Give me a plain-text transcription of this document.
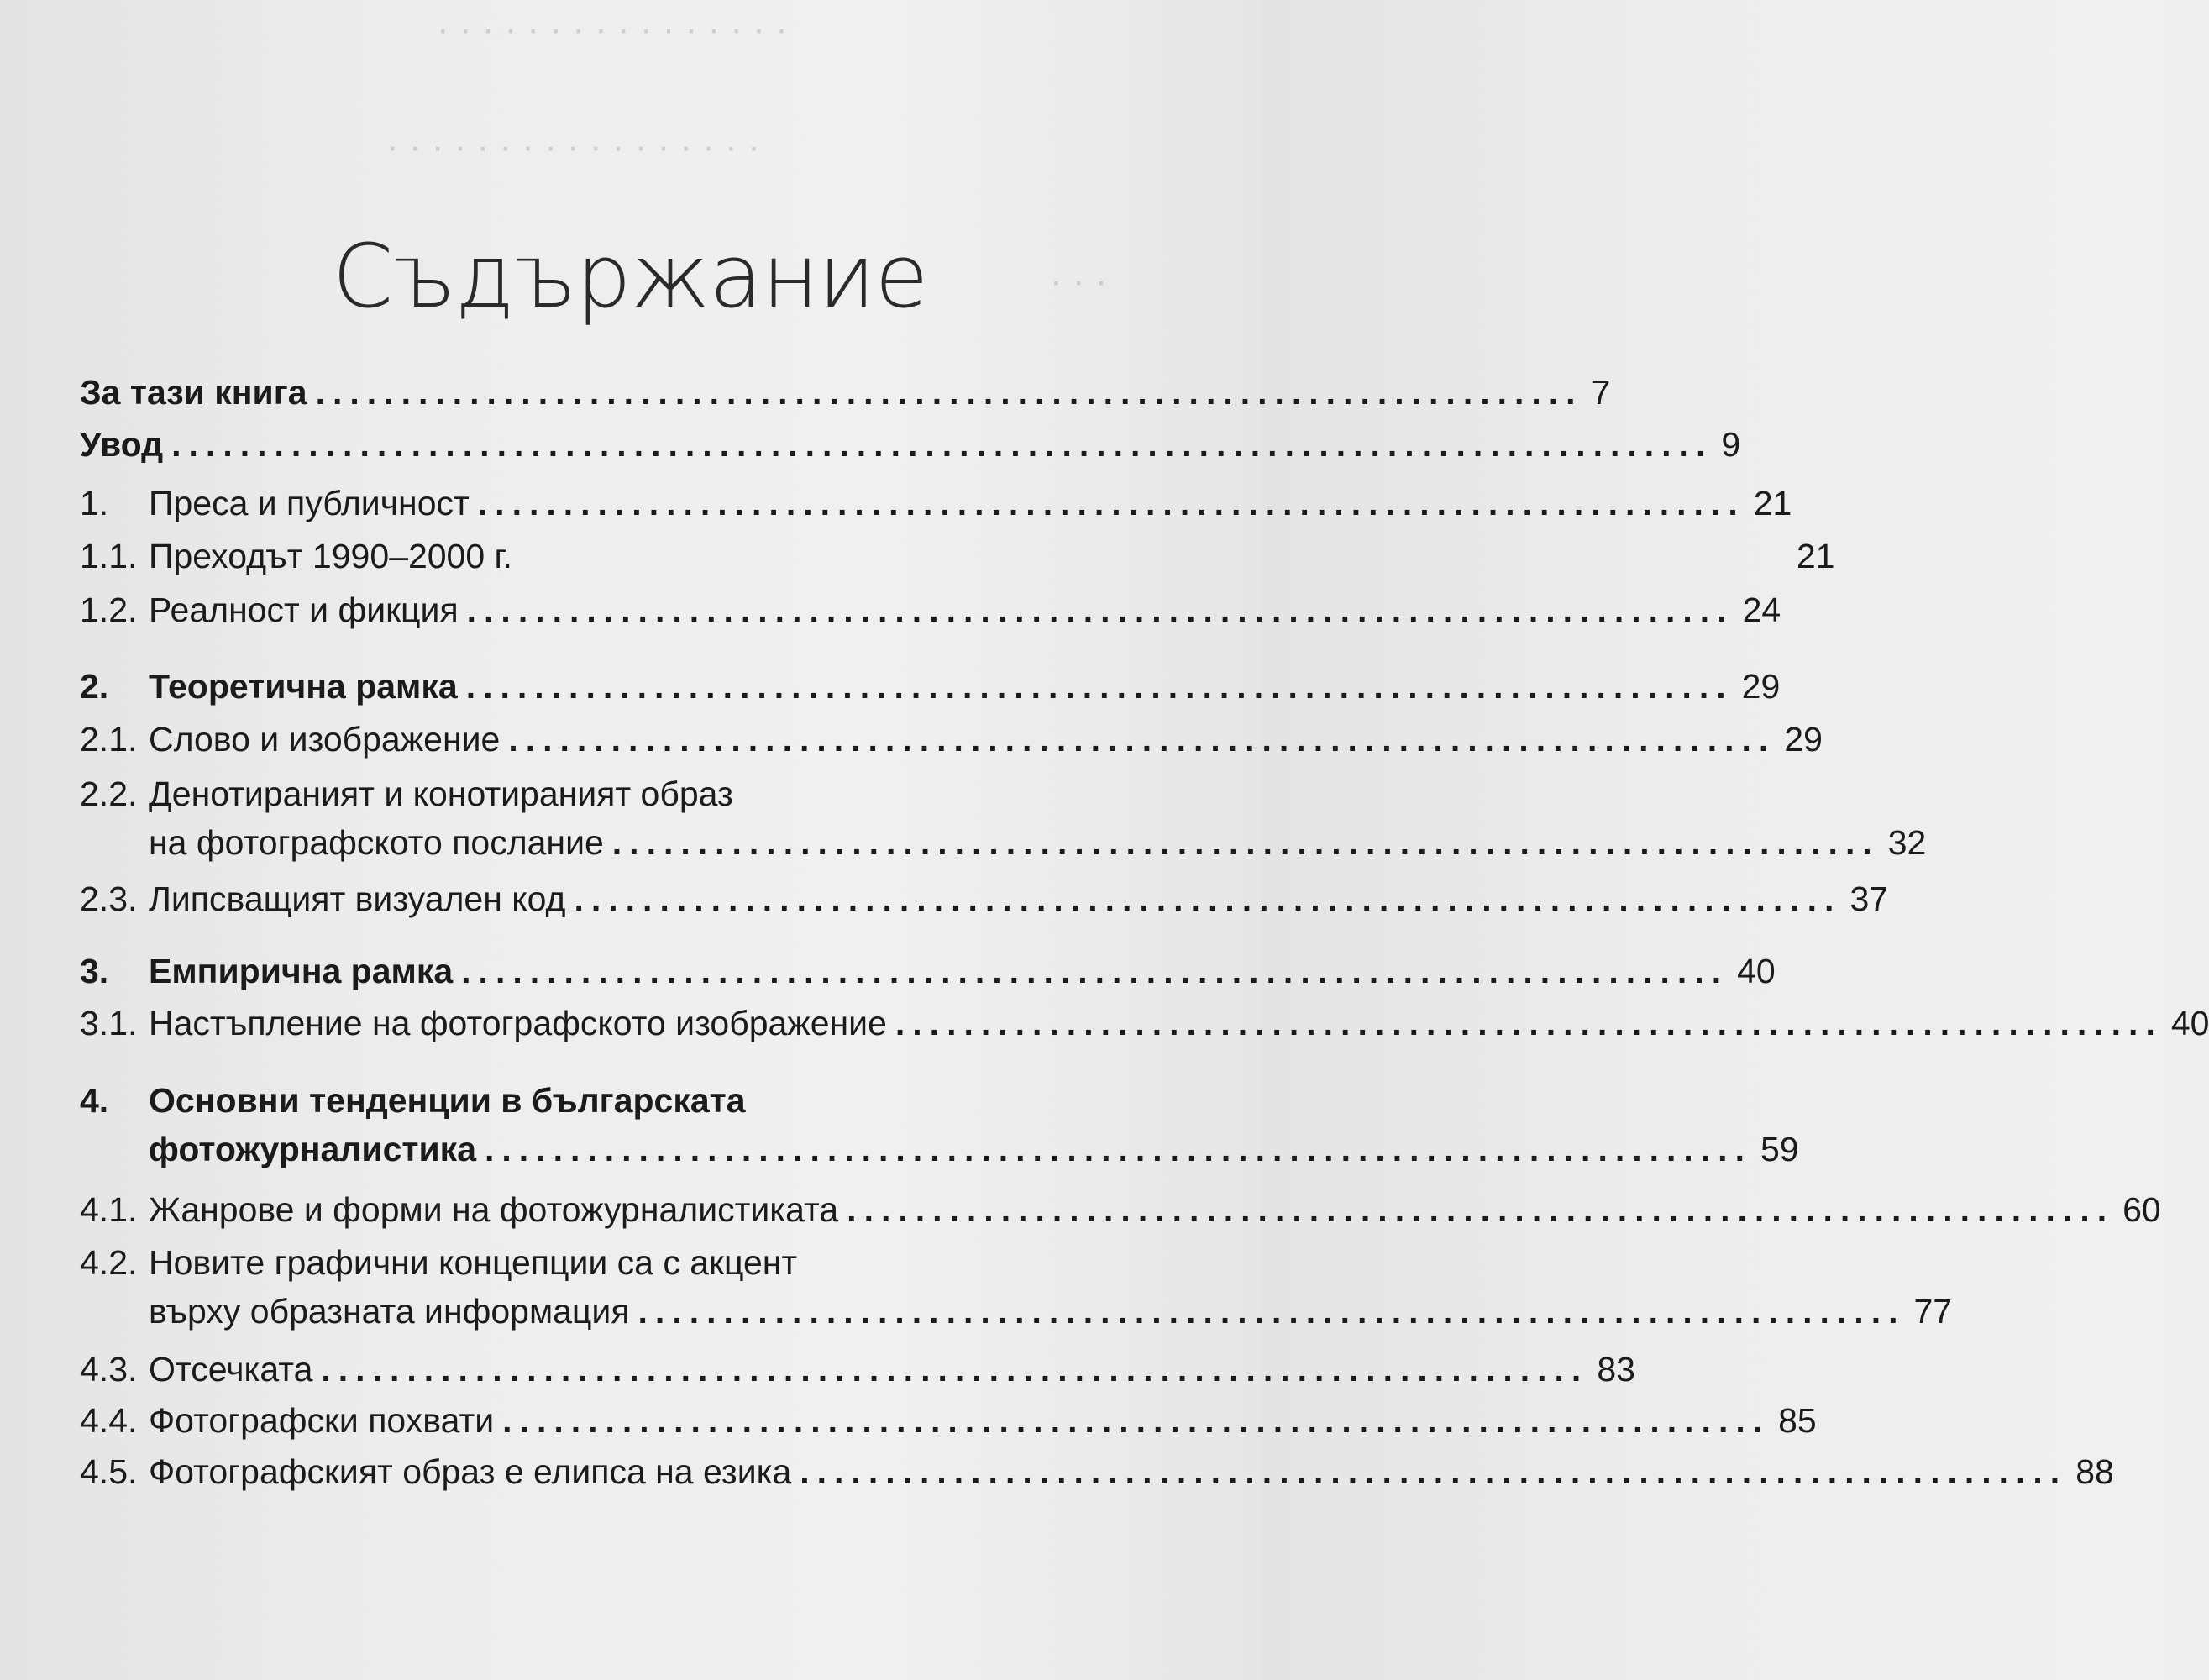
· · · · · · · · · · · · · · · ·
· · · · · · · · · · · · · · · · ·
· · ·
Съдържание
За тази книга .......................................................................... 7
Увод .......................................................................................... 9
1. Преса и публичност .......................................................................... 21
1.1. Преходът 1990–2000 г.	21
1.2. Реалност и фикция .......................................................................... 24
2. Теоретична рамка .......................................................................... 29
2.1. Слово и изображение .......................................................................... 29
2.2. Денотираният и конотираният образ
на фотографското послание .......................................................................... 32
2.3. Липсващият визуален код .......................................................................... 37
3. Емпирична рамка .......................................................................... 40
3.1. Настъпление на фотографското изображение .......................................................................... 40
4. Основни тенденции в българската
фотожурналистика .......................................................................... 59
4.1. Жанрове и форми на фотожурналистиката .......................................................................... 60
4.2. Новите графични концепции са с акцент
върху образната информация .......................................................................... 77
4.3. Отсечката .......................................................................... 83
4.4. Фотографски похвати .......................................................................... 85
4.5. Фотографският образ е елипса на езика .......................................................................... 88
